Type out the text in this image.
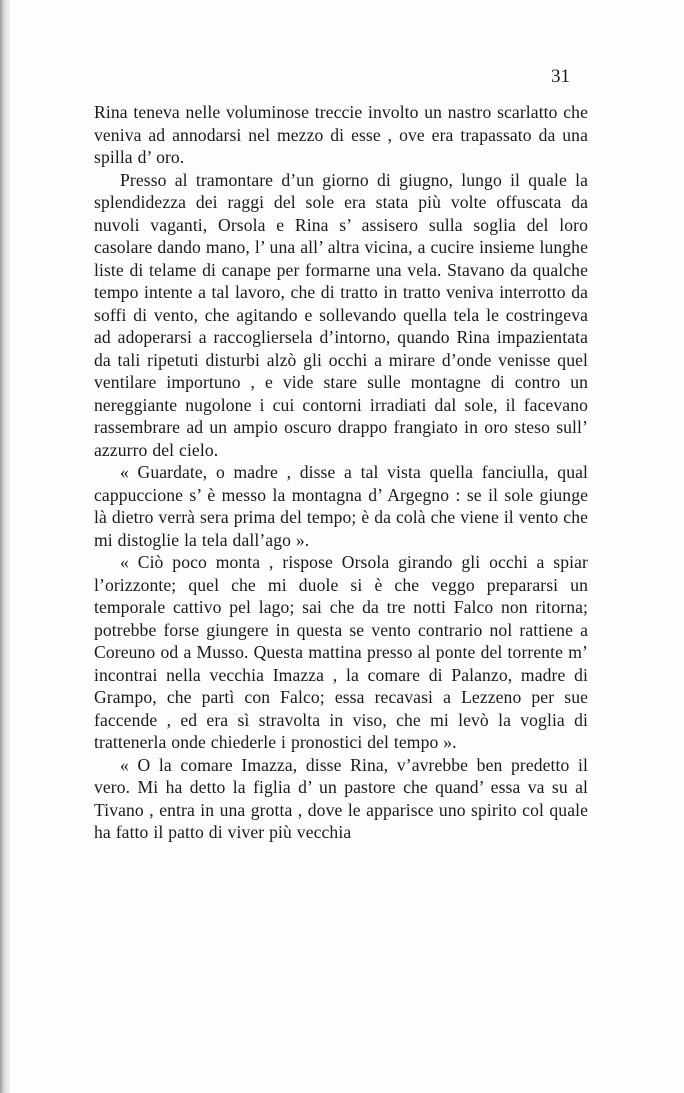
31

Rina teneva nelle voluminose treccie involto un nastro scarlatto che veniva ad annodarsi nel mezzo di esse , ove era trapassato da una spilla d’ oro.

Presso al tramontare d’un giorno di giugno, lungo il quale la splendidezza dei raggi del sole era stata più volte offuscata da nuvoli vaganti, Orsola e Rina s’ assisero sulla soglia del loro casolare dando mano, l’ una all’ altra vicina, a cucire insieme lunghe liste di telame di canape per formarne una vela. Stavano da qualche tempo intente a tal lavoro, che di tratto in tratto veniva interrotto da soffi di vento, che agitando e sollevando quella tela le costringeva ad adoperarsi a raccogliersela d’intorno, quando Rina impazientata da tali ripetuti disturbi alzò gli occhi a mirare d’onde venisse quel ventilare importuno , e vide stare sulle montagne di contro un nereggiante nugolone i cui contorni irradiati dal sole, il facevano rassembrare ad un ampio oscuro drappo frangiato in oro steso sull’ azzurro del cielo.

« Guardate, o madre , disse a tal vista quella fanciulla, qual cappuccione s’ è messo la montagna d’ Argegno : se il sole giunge là dietro verrà sera prima del tempo; è da colà che viene il vento che mi distoglie la tela dall’ago ».

« Ciò poco monta , rispose Orsola girando gli occhi a spiar l’orizzonte; quel che mi duole si è che veggo prepararsi un temporale cattivo pel lago; sai che da tre notti Falco non ritorna; potrebbe forse giungere in questa se vento contrario nol rattiene a Coreuno od a Musso. Questa mattina presso al ponte del torrente m’ incontrai nella vecchia Imazza , la comare di Palanzo, madre di Grampo, che partì con Falco; essa recavasi a Lezzeno per sue faccende , ed era sì stravolta in viso, che mi levò la voglia di trattenerla onde chiederle i pronostici del tempo ».

« O la comare Imazza, disse Rina, v’avrebbe ben predetto il vero. Mi ha detto la figlia d’ un pastore che quand’ essa va su al Tivano , entra in una grotta , dove le apparisce uno spirito col quale ha fatto il patto di viver più vecchia
